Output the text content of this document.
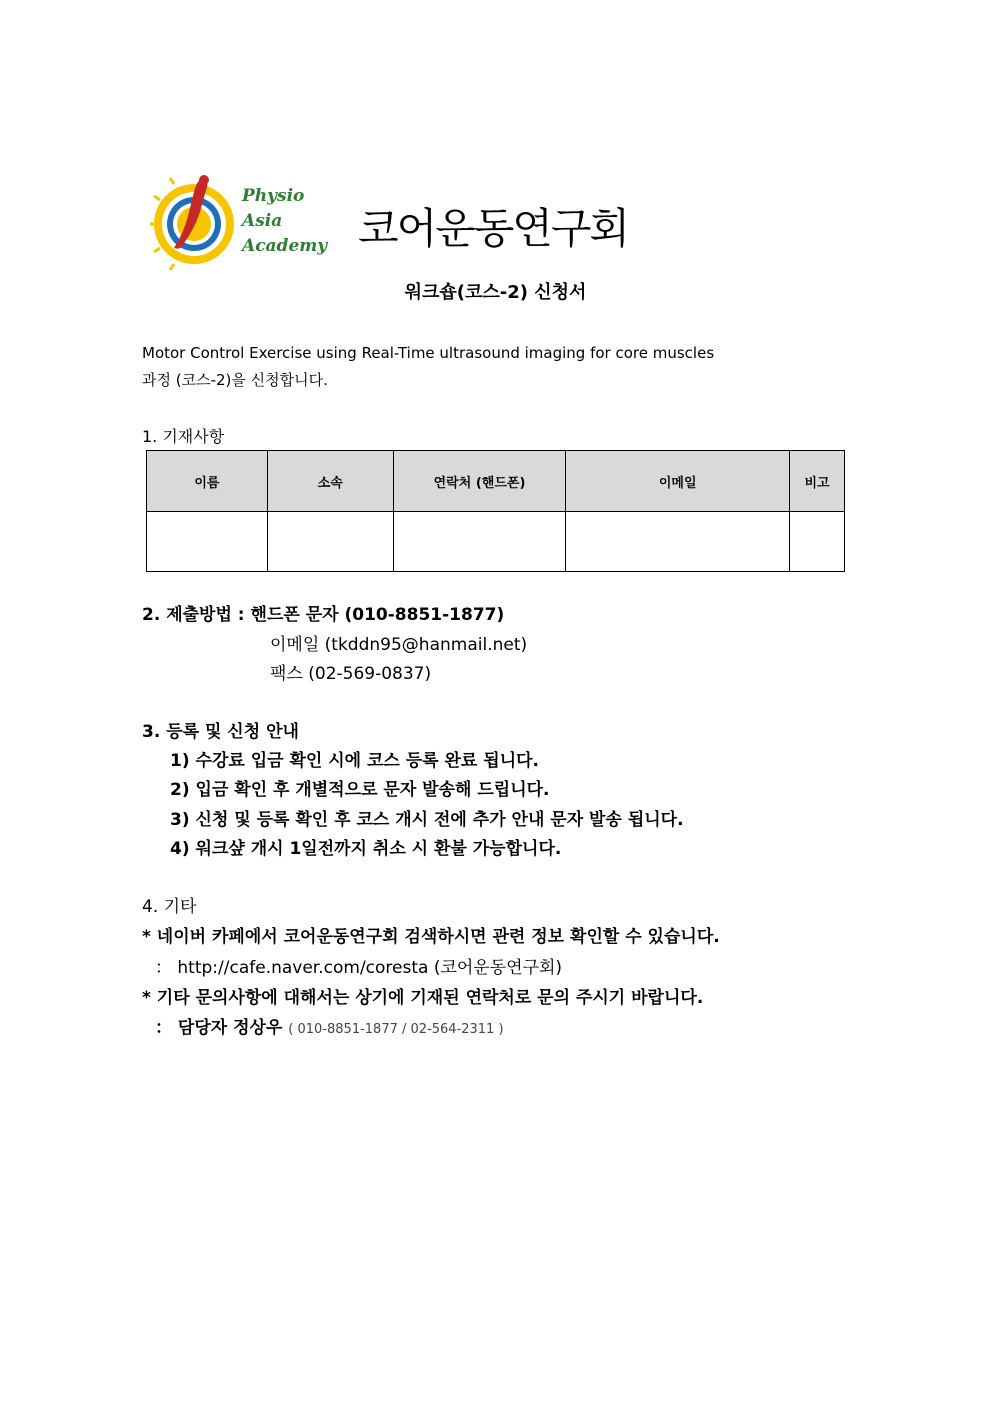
Physio
Asia
Academy 코어운동연구회
워크숍(코스-2) 신청서
Motor Control Exercise using Real-Time ultrasound imaging for core muscles
과정 (코스-2)을 신청합니다.
1. 기재사항
이름	소속	연락처 (핸드폰)	이메일	비고

2. 제출방법 : 핸드폰 문자 (010-8851-1877)
이메일 (tkddn95@hanmail.net)
팩스 (02-569-0837)
3. 등록 및 신청 안내
1) 수강료 입금 확인 시에 코스 등록 완료 됩니다.
2) 입금 확인 후 개별적으로 문자 발송해 드립니다.
3) 신청 및 등록 확인 후 코스 개시 전에 추가 안내 문자 발송 됩니다.
4) 워크샾 개시 1일전까지 취소 시 환불 가능합니다.
4. 기타
* 네이버 카페에서 코어운동연구회 검색하시면 관련 정보 확인할 수 있습니다.
： http://cafe.naver.com/coresta (코어운동연구회)
* 기타 문의사항에 대해서는 상기에 기재된 연락처로 문의 주시기 바랍니다.
： 담당자 정상우 ( 010-8851-1877 / 02-564-2311 )
